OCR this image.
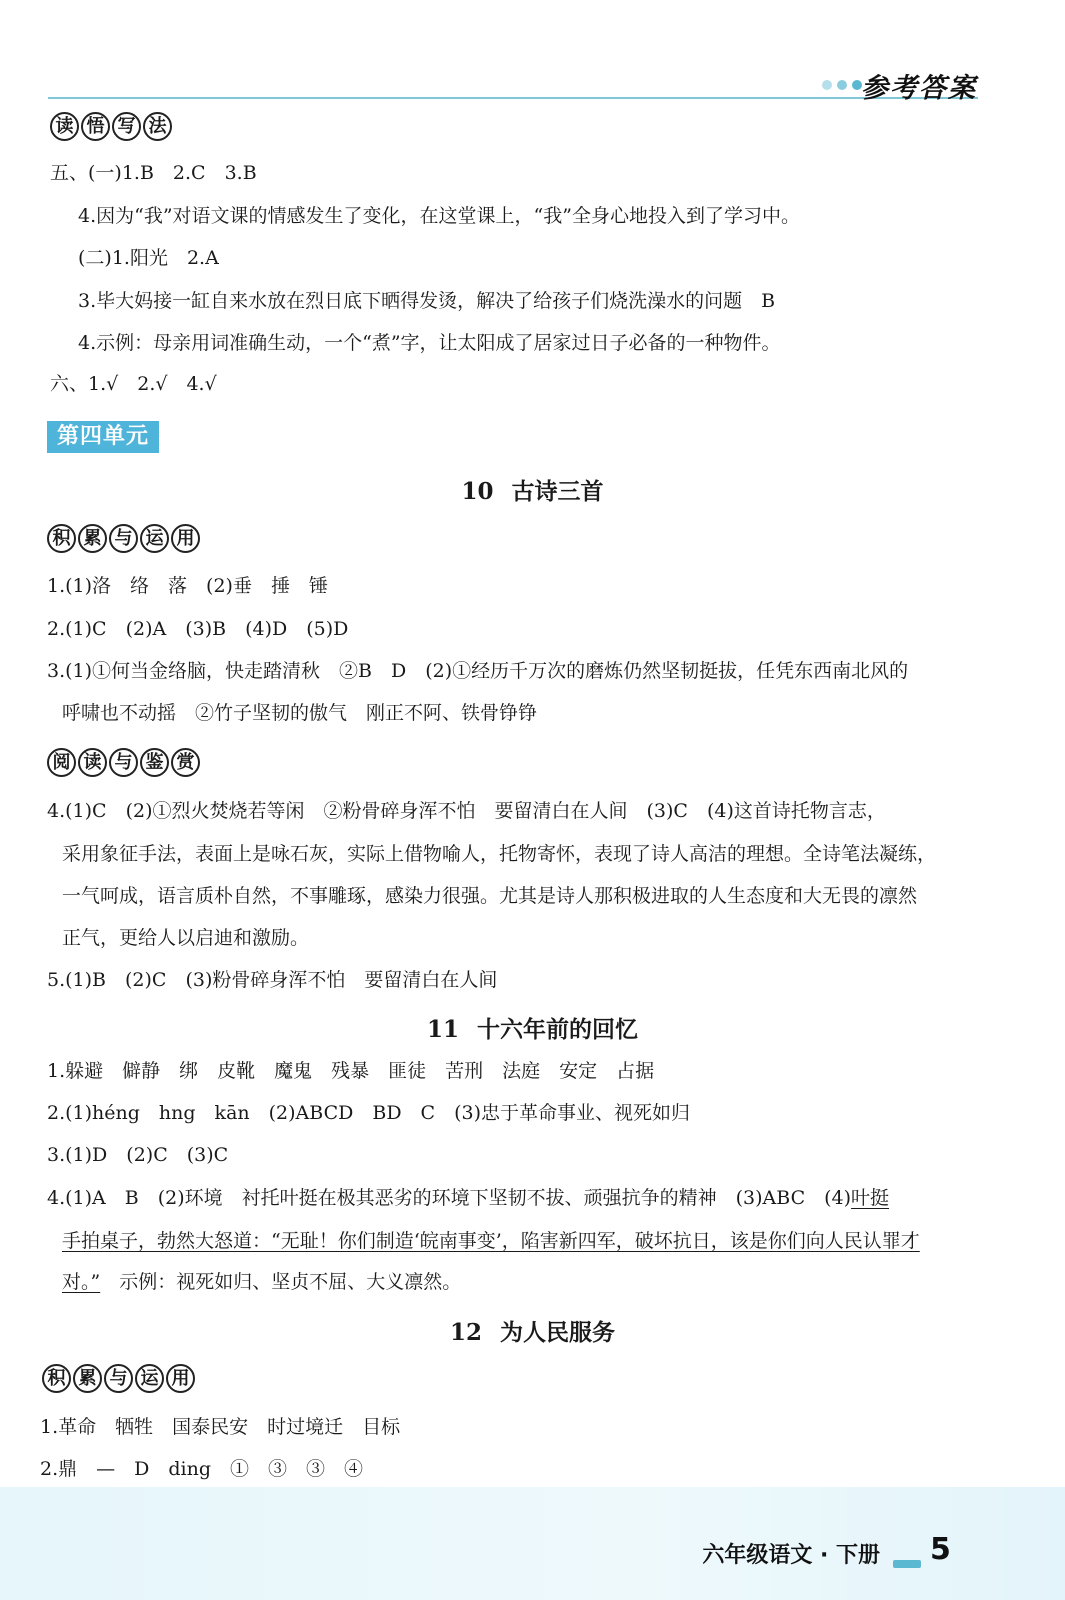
参考答案
读 悟 写 法
五、(一)1.B　2.C　3.B
4.因为“我”对语文课的情感发生了变化，在这堂课上，“我”全身心地投入到了学习中。
(二)1.阳光　2.A
3.毕大妈接一缸自来水放在烈日底下晒得发烫，解决了给孩子们烧洗澡水的问题　B
4.示例：母亲用词准确生动，一个“煮”字，让太阳成了居家过日子必备的一种物件。
六、1.√　2.√　4.√
第四单元
10 古诗三首
积 累 与 运 用
1.(1)洛　络　落　(2)垂　捶　锤
2.(1)C　(2)A　(3)B　(4)D　(5)D
3.(1)①何当金络脑，快走踏清秋　②B　D　(2)①经历千万次的磨炼仍然坚韧挺拔，任凭东西南北风的
呼啸也不动摇　②竹子坚韧的傲气　刚正不阿、铁骨铮铮
阅 读 与 鉴 赏
4.(1)C　(2)①烈火焚烧若等闲　②粉骨碎身浑不怕　要留清白在人间　(3)C　(4)这首诗托物言志，
采用象征手法，表面上是咏石灰，实际上借物喻人，托物寄怀，表现了诗人高洁的理想。全诗笔法凝练，
一气呵成，语言质朴自然，不事雕琢，感染力很强。尤其是诗人那积极进取的人生态度和大无畏的凛然
正气，更给人以启迪和激励。
5.(1)B　(2)C　(3)粉骨碎身浑不怕　要留清白在人间
11 十六年前的回忆
1.躲避　僻静　绑　皮靴　魔鬼　残暴　匪徒　苦刑　法庭　安定　占据
2.(1)héng　hng　kān　(2)ABCD　BD　C　(3)忠于革命事业、视死如归
3.(1)D　(2)C　(3)C
4.(1)A　B　(2)环境　衬托叶挺在极其恶劣的环境下坚韧不拔、顽强抗争的精神　(3)ABC　(4)叶挺
手拍桌子，勃然大怒道：“无耻！你们制造‘皖南事变’，陷害新四军，破坏抗日，该是你们向人民认罪才
对。”　示例：视死如归、坚贞不屈、大义凛然。
12 为人民服务
积 累 与 运 用
1.革命　牺牲　国泰民安　时过境迁　目标
2.鼎　—　D　ding　①　③　③　④
六年级语文 · 下册 5
